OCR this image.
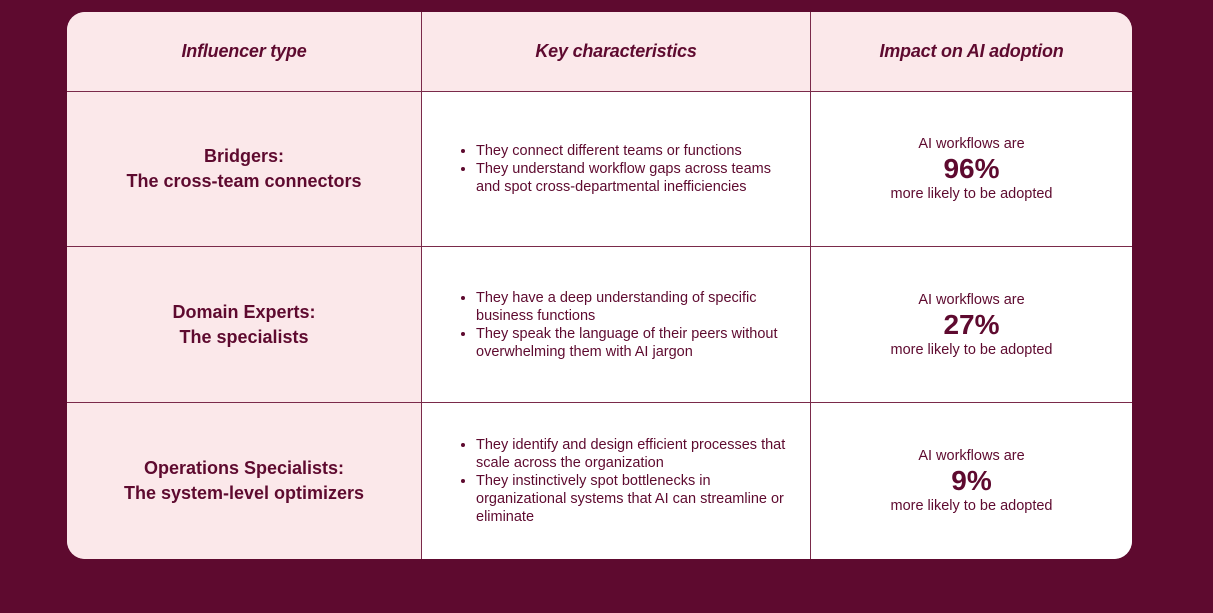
Influencer type	Key characteristics	Impact on AI adoption
Bridgers:
The cross-team connectors
• They connect different teams or functions
• They understand workflow gaps across teams and spot cross-departmental inefficiencies
AI workflows are
96%
more likely to be adopted
Domain Experts:
The specialists
• They have a deep understanding of specific business functions
• They speak the language of their peers without overwhelming them with AI jargon
AI workflows are
27%
more likely to be adopted
Operations Specialists:
The system-level optimizers
• They identify and design efficient processes that scale across the organization
• They instinctively spot bottlenecks in organizational systems that AI can streamline or eliminate
AI workflows are
9%
more likely to be adopted
